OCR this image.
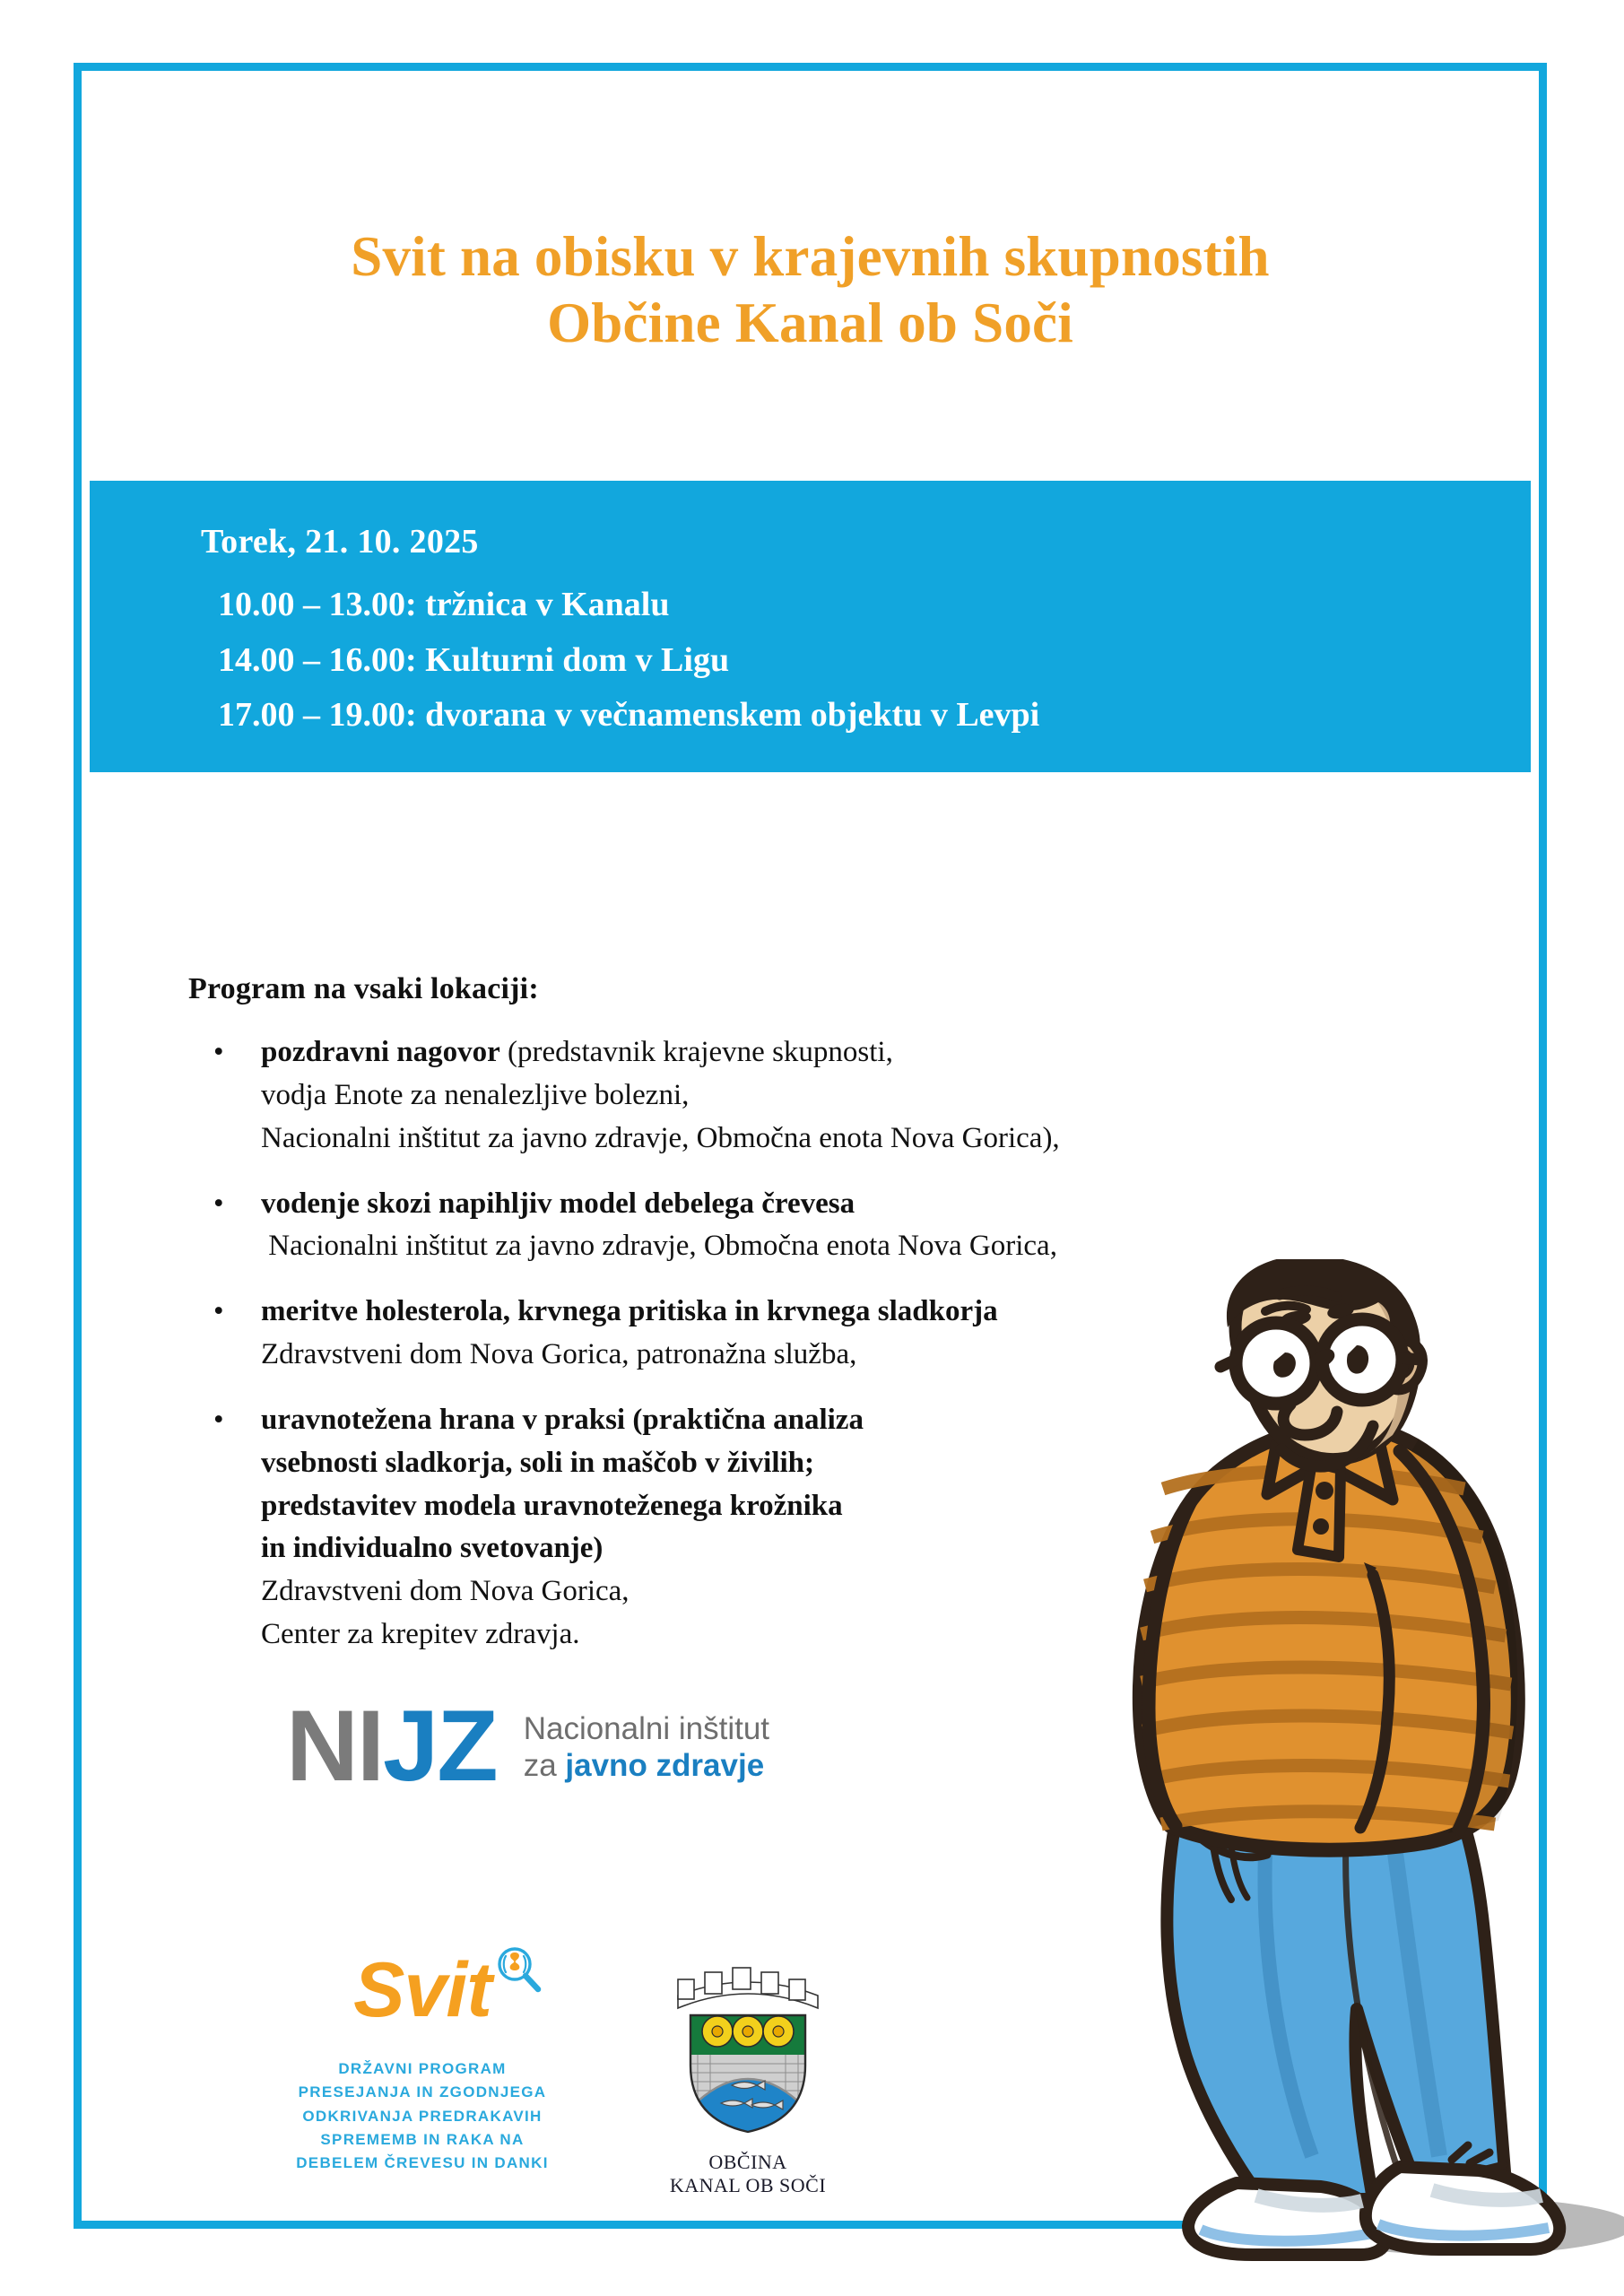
Svit na obisku v krajevnih skupnostih
Občine Kanal ob Soči
Torek, 21. 10. 2025
10.00 – 13.00: tržnica v Kanalu
14.00 – 16.00: Kulturni dom v Ligu
17.00 – 19.00: dvorana v večnamenskem objektu v Levpi
Program na vsaki lokaciji:
• pozdravni nagovor (predstavnik krajevne skupnosti,
vodja Enote za nenalezljive bolezni,
Nacionalni inštitut za javno zdravje, Območna enota Nova Gorica),
• vodenje skozi napihljiv model debelega črevesa
Nacionalni inštitut za javno zdravje, Območna enota Nova Gorica,
• meritve holesterola, krvnega pritiska in krvnega sladkorja
Zdravstveni dom Nova Gorica, patronažna služba,
• uravnotežena hrana v praksi (praktična analiza
vsebnosti sladkorja, soli in maščob v živilih;
predstavitev modela uravnoteženega krožnika
in individualno svetovanje)
Zdravstveni dom Nova Gorica,
Center za krepitev zdravja.
NIJZ Nacionalni inštitut
za javno zdravje
Svit
DRŽAVNI PROGRAM
PRESEJANJA IN ZGODNJEGA
ODKRIVANJA PREDRAKAVIH
SPREMEMB IN RAKA NA
DEBELEM ČREVESU IN DANKI	OBČINA
KANAL OB SOČI
